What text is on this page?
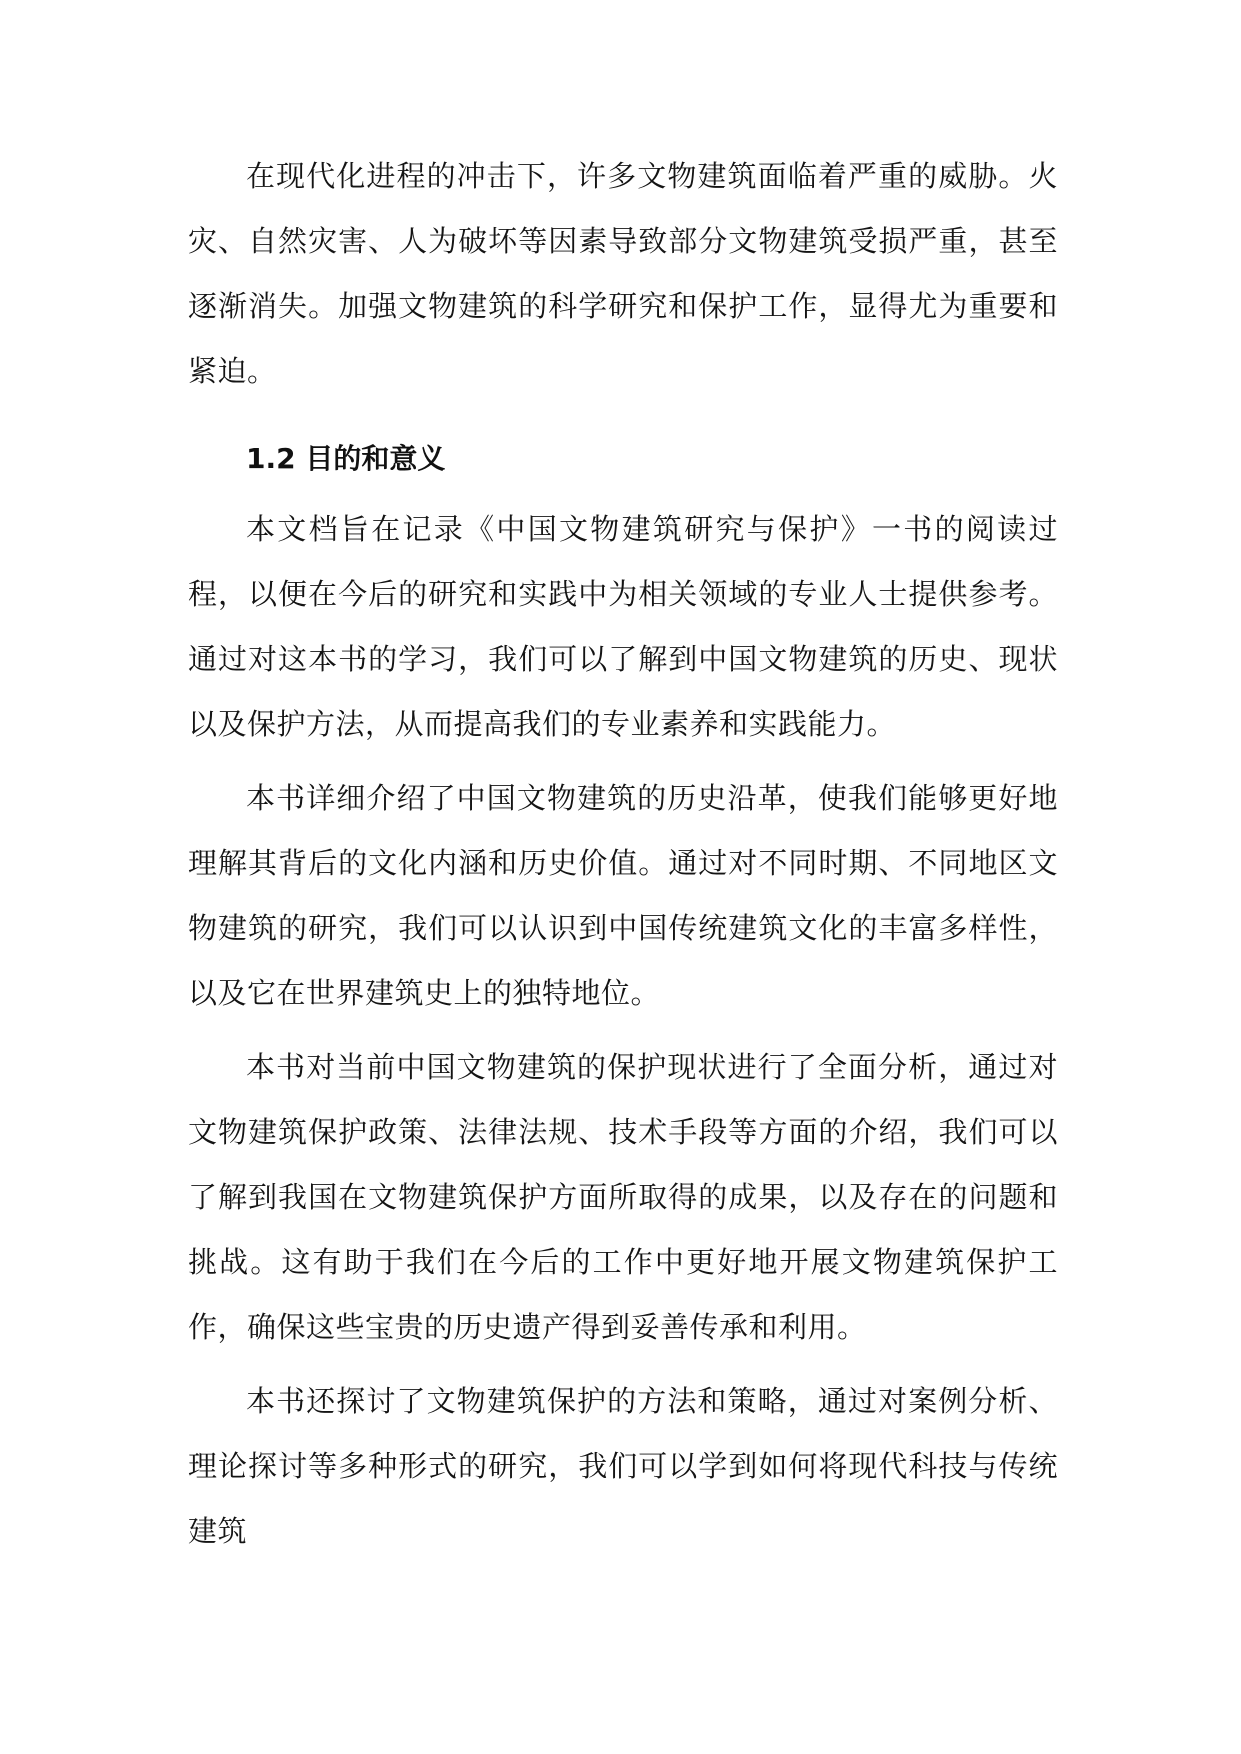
在现代化进程的冲击下，许多文物建筑面临着严重的威胁。火灾、自然灾害、人为破坏等因素导致部分文物建筑受损严重，甚至逐渐消失。加强文物建筑的科学研究和保护工作，显得尤为重要和紧迫。

1.2 目的和意义

本文档旨在记录《中国文物建筑研究与保护》一书的阅读过程，以便在今后的研究和实践中为相关领域的专业人士提供参考。通过对这本书的学习，我们可以了解到中国文物建筑的历史、现状以及保护方法，从而提高我们的专业素养和实践能力。

本书详细介绍了中国文物建筑的历史沿革，使我们能够更好地理解其背后的文化内涵和历史价值。通过对不同时期、不同地区文物建筑的研究，我们可以认识到中国传统建筑文化的丰富多样性，以及它在世界建筑史上的独特地位。

本书对当前中国文物建筑的保护现状进行了全面分析，通过对文物建筑保护政策、法律法规、技术手段等方面的介绍，我们可以了解到我国在文物建筑保护方面所取得的成果，以及存在的问题和挑战。这有助于我们在今后的工作中更好地开展文物建筑保护工作，确保这些宝贵的历史遗产得到妥善传承和利用。

本书还探讨了文物建筑保护的方法和策略，通过对案例分析、理论探讨等多种形式的研究，我们可以学到如何将现代科技与传统建筑
